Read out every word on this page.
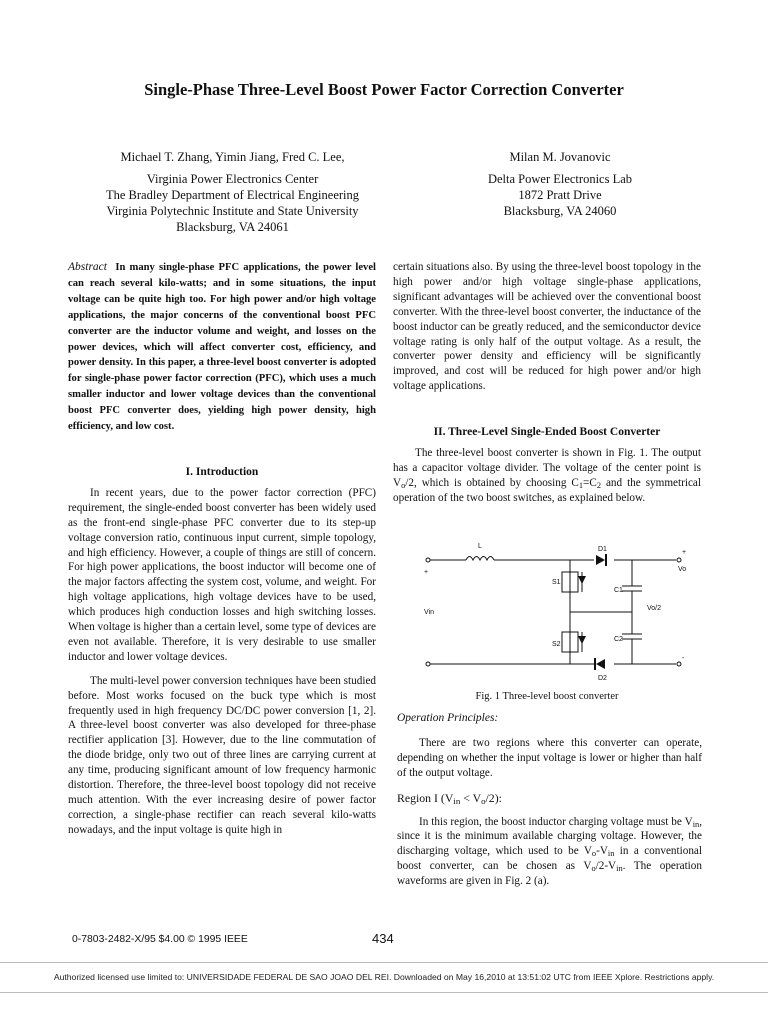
Single-Phase Three-Level Boost Power Factor Correction Converter
Michael T. Zhang, Yimin Jiang, Fred C. Lee,
Virginia Power Electronics Center
The Bradley Department of Electrical Engineering
Virginia Polytechnic Institute and State University
Blacksburg, VA 24061
Milan M. Jovanovic
Delta Power Electronics Lab
1872 Pratt Drive
Blacksburg, VA 24060

Abstract In many single-phase PFC applications, the power level can reach several kilo-watts; and in some situations, the input voltage can be quite high too. For high power and/or high voltage applications, the major concerns of the conventional boost PFC converter are the inductor volume and weight, and losses on the power devices, which will affect converter cost, efficiency, and power density. In this paper, a three-level boost converter is adopted for single-phase power factor correction (PFC), which uses a much smaller inductor and lower voltage devices than the conventional boost PFC converter does, yielding high power density, high efficiency, and low cost.

I. Introduction

In recent years, due to the power factor correction (PFC) requirement, the single-ended boost converter has been widely used as the front-end single-phase PFC converter due to its step-up voltage conversion ratio, continuous input current, simple topology, and high efficiency. However, a couple of things are still of concern. For high power applications, the boost inductor will become one of the major factors affecting the system cost, volume, and weight. For high voltage applications, high voltage devices have to be used, which produces high conduction losses and high switching losses. When voltage is higher than a certain level, some type of devices are even not available. Therefore, it is very desirable to use smaller inductor and lower voltage devices.

The multi-level power conversion techniques have been studied before. Most works focused on the buck type which is most frequently used in high frequency DC/DC power conversion [1, 2]. A three-level boost converter was also developed for three-phase rectifier application [3]. However, due to the line commutation of the diode bridge, only two out of three lines are carrying current at any time, producing significant amount of low frequency harmonic distortion. Therefore, the three-level boost topology did not receive much attention. With the ever increasing desire of power factor correction, a single-phase rectifier can reach several kilo-watts nowadays, and the input voltage is quite high in

certain situations also. By using the three-level boost topology in the high power and/or high voltage single-phase applications, significant advantages will be achieved over the conventional boost converter. With the three-level boost converter, the inductance of the boost inductor can be greatly reduced, and the semiconductor device voltage rating is only half of the output voltage. As a result, the converter power density and efficiency will be significantly improved, and cost will be reduced for high power and/or high voltage applications.

II. Three-Level Single-Ended Boost Converter

The three-level boost converter is shown in Fig. 1. The output has a capacitor voltage divider. The voltage of the center point is $V_o/2$, which is obtained by choosing $C_1=C_2$ and the symmetrical operation of the two boost switches, as explained below.

L	D1
D2
S1
S2
C1
C2
Vo
Vo/2
Vin
+
+
-
Fig. 1 Three-level boost converter
Operation Principles:

There are two regions where this converter can operate, depending on whether the input voltage is lower or higher than half of the output voltage.

Region I $(V_{in} < V_o/2)$:

In this region, the boost inductor charging voltage must be $V_{in}$, since it is the minimum available charging voltage. However, the discharging voltage, which used to be $V_o-V_{in}$ in a conventional boost converter, can be chosen as $V_o/2-V_{in}$. The operation waveforms are given in Fig. 2 (a).

0-7803-2482-X/95 $4.00 © 1995 IEEE	434
Authorized licensed use limited to: UNIVERSIDADE FEDERAL DE SAO JOAO DEL REI. Downloaded on May 16,2010 at 13:51:02 UTC from IEEE Xplore. Restrictions apply.
